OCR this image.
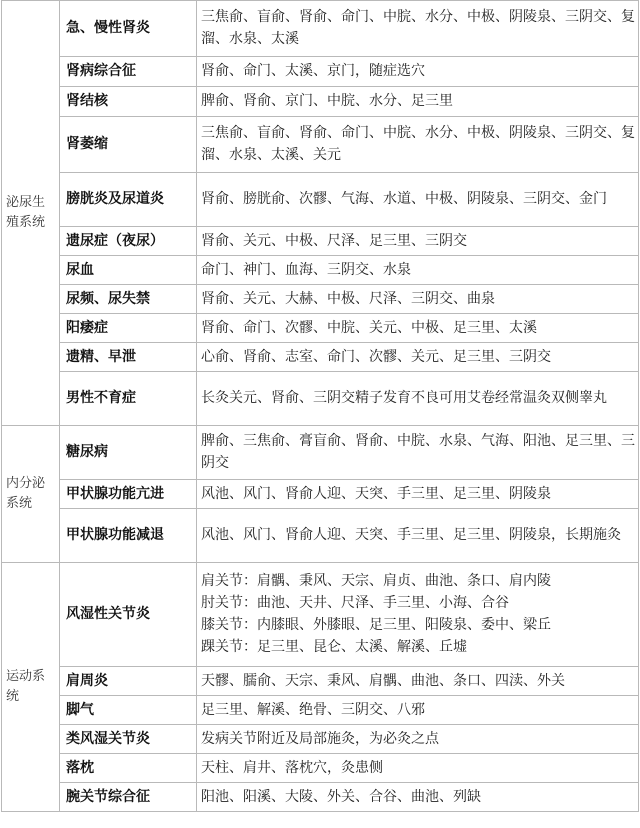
泌尿生殖系统	急、慢性肾炎	三焦俞、盲俞、肾俞、命门、中脘、水分、中极、阴陵泉、三阴交、复溜、水泉、太溪
	肾病综合征	肾俞、命门、太溪、京门，随症选穴
	肾结核	脾俞、肾俞、京门、中脘、水分、足三里
	肾萎缩	三焦俞、盲俞、肾俞、命门、中脘、水分、中极、阴陵泉、三阴交、复溜、水泉、太溪、关元
	膀胱炎及尿道炎	肾俞、膀胱俞、次髎、气海、水道、中极、阴陵泉、三阴交、金门
	遗尿症（夜尿）	肾俞、关元、中极、尺泽、足三里、三阴交
	尿血	命门、神门、血海、三阴交、水泉
	尿频、尿失禁	肾俞、关元、大赫、中极、尺泽、三阴交、曲泉
	阳痿症	肾俞、命门、次髎、中脘、关元、中极、足三里、太溪
	遗精、早泄	心俞、肾俞、志室、命门、次髎、关元、足三里、三阴交
	男性不育症	长灸关元、肾俞、三阴交精子发育不良可用艾卷经常温灸双侧睾丸
内分泌系统	糖尿病	脾俞、三焦俞、膏盲俞、肾俞、中脘、水泉、气海、阳池、足三里、三阴交
	甲状腺功能亢进	风池、风门、肾俞人迎、天突、手三里、足三里、阴陵泉
	甲状腺功能减退	风池、风门、肾俞人迎、天突、手三里、足三里、阴陵泉，长期施灸
运动系统	风湿性关节炎	肩关节：肩髃、秉风、天宗、肩贞、曲池、条口、肩内陵
肘关节：曲池、天井、尺泽、手三里、小海、合谷
膝关节：内膝眼、外膝眼、足三里、阳陵泉、委中、梁丘
踝关节：足三里、昆仑、太溪、解溪、丘墟

	肩周炎	天髎、臑俞、天宗、秉风、肩髃、曲池、条口、四渎、外关
	脚气	足三里、解溪、绝骨、三阴交、八邪
	类风湿关节炎	发病关节附近及局部施灸，为必灸之点
	落枕	天柱、肩井、落枕穴，灸患侧
	腕关节综合征	阳池、阳溪、大陵、外关、合谷、曲池、列缺
